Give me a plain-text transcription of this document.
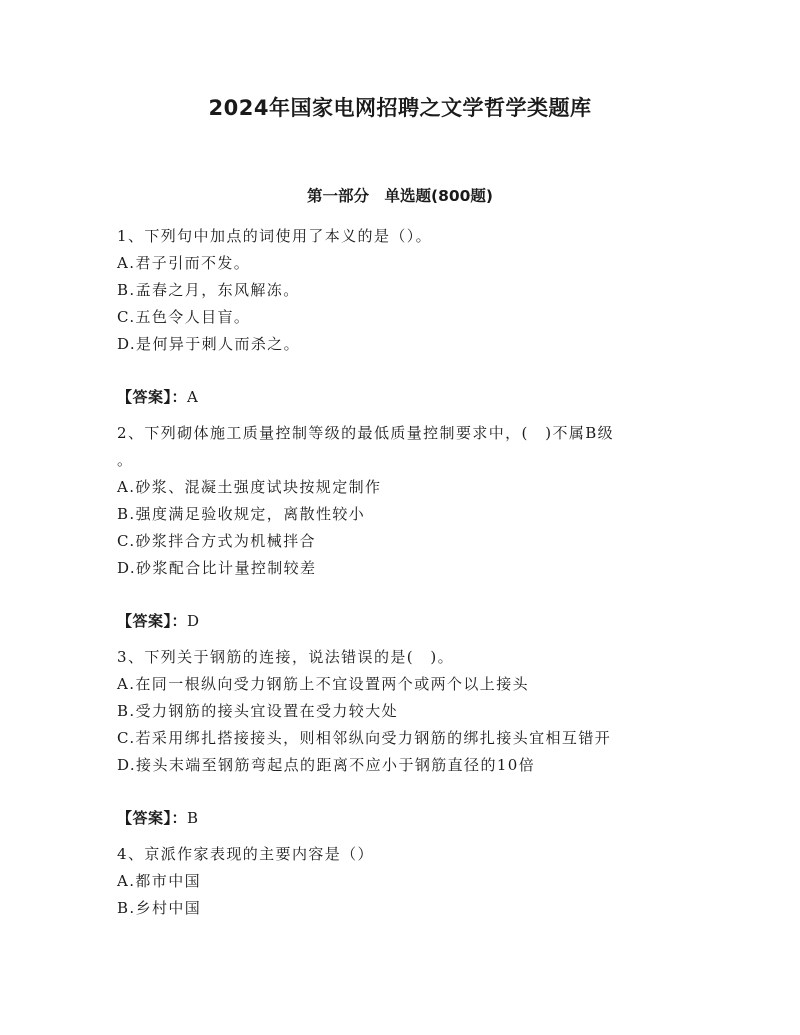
2024年国家电网招聘之文学哲学类题库
第一部分　单选题(800题)
1、下列句中加点的词使用了本义的是（）。
A.君子引而不发。
B.孟春之月，东风解冻。
C.五色令人目盲。
D.是何异于刺人而杀之。
【答案】：A
2、下列砌体施工质量控制等级的最低质量控制要求中，(　)不属B级
。
A.砂浆、混凝土强度试块按规定制作
B.强度满足验收规定，离散性较小
C.砂浆拌合方式为机械拌合
D.砂浆配合比计量控制较差
【答案】：D
3、下列关于钢筋的连接，说法错误的是(　)。
A.在同一根纵向受力钢筋上不宜设置两个或两个以上接头
B.受力钢筋的接头宜设置在受力较大处
C.若采用绑扎搭接接头，则相邻纵向受力钢筋的绑扎接头宜相互错开
D.接头末端至钢筋弯起点的距离不应小于钢筋直径的10倍
【答案】：B
4、京派作家表现的主要内容是（）
A.都市中国
B.乡村中国
